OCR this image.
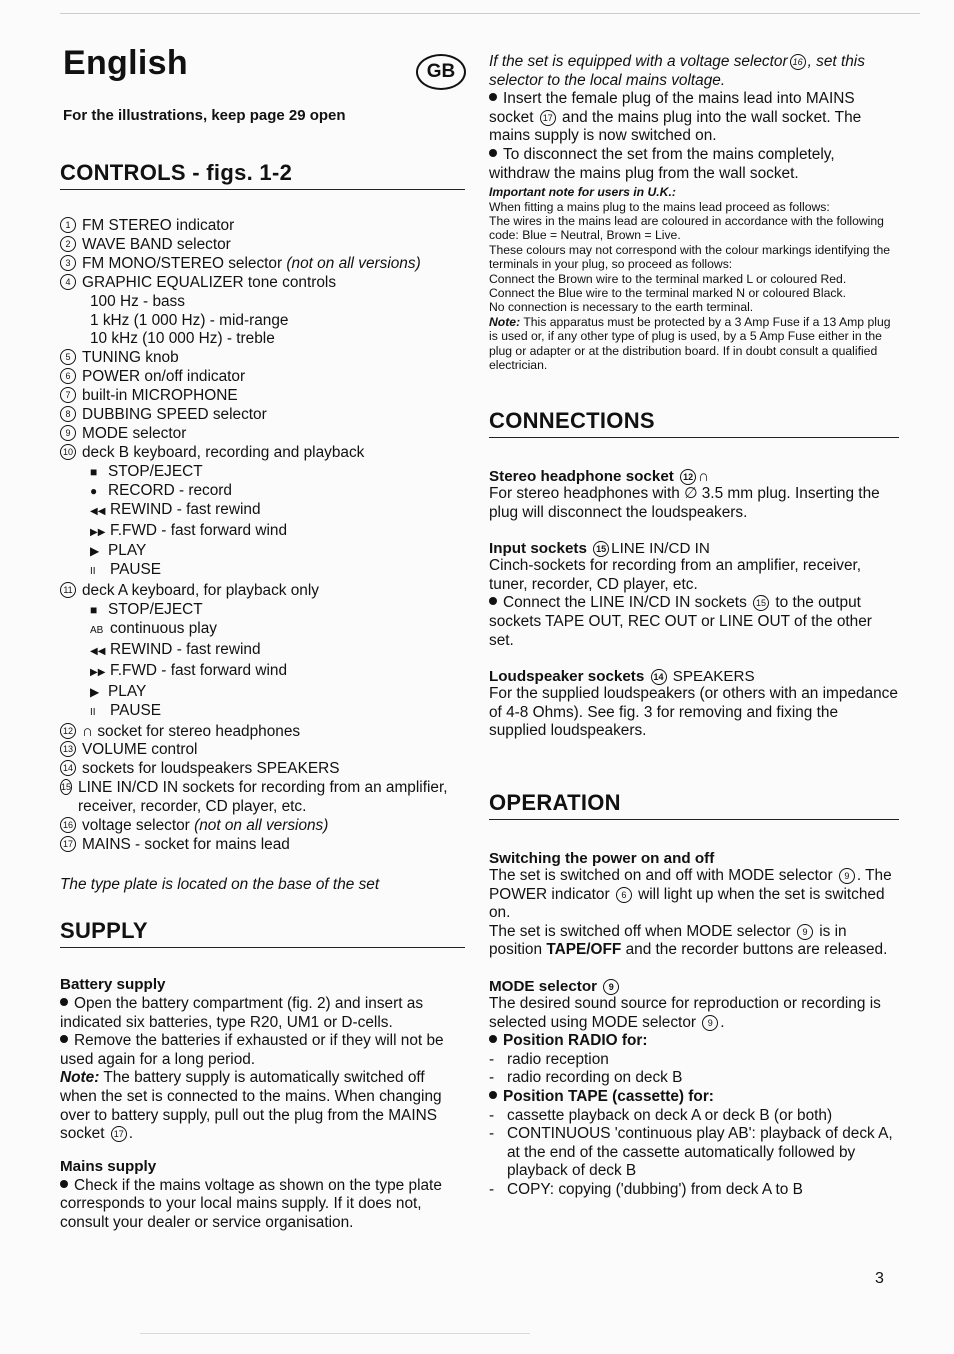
English	GB
For the illustrations, keep page 29 open
CONTROLS - figs. 1-2
1 FM STEREO indicator
2 WAVE BAND selector
3 FM MONO/STEREO selector (not on all versions)
4 GRAPHIC EQUALIZER tone controls
100 Hz - bass
1 kHz (1 000 Hz) - mid-range
10 kHz (10 000 Hz) - treble
5 TUNING knob
6 POWER on/off indicator
7 built-in MICROPHONE
8 DUBBING SPEED selector
9 MODE selector
10 deck B keyboard, recording and playback
■ STOP/EJECT
● RECORD - record
◀◀ REWIND - fast rewind
▶▶ F.FWD - fast forward wind
▶ PLAY
II PAUSE
11 deck A keyboard, for playback only
■ STOP/EJECT
AB continuous play
◀◀ REWIND - fast rewind
▶▶ F.FWD - fast forward wind
▶ PLAY
II PAUSE
12 ∩ socket for stereo headphones
13 VOLUME control
14 sockets for loudspeakers SPEAKERS
15 LINE IN/CD IN sockets for recording from an amplifier, receiver, recorder, CD player, etc.
16 voltage selector (not on all versions)
17 MAINS - socket for mains lead

The type plate is located on the base of the set

SUPPLY

Battery supply

Open the battery compartment (fig. 2) and insert as indicated six batteries, type R20, UM1 or D-cells.

Remove the batteries if exhausted or if they will not be used again for a long period.

Note: The battery supply is automatically switched off when the set is connected to the mains. When changing over to battery supply, pull out the plug from the MAINS socket 17 .

Mains supply

Check if the mains voltage as shown on the type plate corresponds to your local mains supply. If it does not, consult your dealer or service organisation.

If the set is equipped with a voltage selector 16 , set this selector to the local mains voltage.

Insert the female plug of the mains lead into MAINS socket 17 and the mains plug into the wall socket. The mains supply is now switched on.

To disconnect the set from the mains completely, withdraw the mains plug from the wall socket.

Important note for users in U.K.:

When fitting a mains plug to the mains lead proceed as follows:

The wires in the mains lead are coloured in accordance with the following code: Blue = Neutral, Brown = Live.

These colours may not correspond with the colour markings identifying the terminals in your plug, so proceed as follows:

Connect the Brown wire to the terminal marked L or coloured Red.

Connect the Blue wire to the terminal marked N or coloured Black.

No connection is necessary to the earth terminal.

Note: This apparatus must be protected by a 3 Amp Fuse if a 13 Amp plug is used or, if any other type of plug is used, by a 5 Amp Fuse either in the plug or adapter or at the distribution board. If in doubt consult a qualified electrician.

CONNECTIONS

Stereo headphone socket 12 ∩

For stereo headphones with ∅ 3.5 mm plug. Inserting the plug will disconnect the loudspeakers.

Input sockets 15 LINE IN/CD IN

Cinch-sockets for recording from an amplifier, receiver, tuner, recorder, CD player, etc.

Connect the LINE IN/CD IN sockets 15 to the output sockets TAPE OUT, REC OUT or LINE OUT of the other set.

Loudspeaker sockets 14 SPEAKERS

For the supplied loudspeakers (or others with an impedance of 4-8 Ohms). See fig. 3 for removing and fixing the supplied loudspeakers.

OPERATION

Switching the power on and off

The set is switched on and off with MODE selector 9 . The POWER indicator 6 will light up when the set is switched on.

The set is switched off when MODE selector 9 is in position TAPE/OFF and the recorder buttons are released.

MODE selector 9

The desired sound source for reproduction or recording is selected using MODE selector 9 .

Position RADIO for:

- radio reception
- radio recording on deck B

Position TAPE (cassette) for:

- cassette playback on deck A or deck B (or both)
- CONTINUOUS 'continuous play AB': playback of deck A, at the end of the cassette automatically followed by playback of deck B
- COPY: copying ('dubbing') from deck A to B
3
